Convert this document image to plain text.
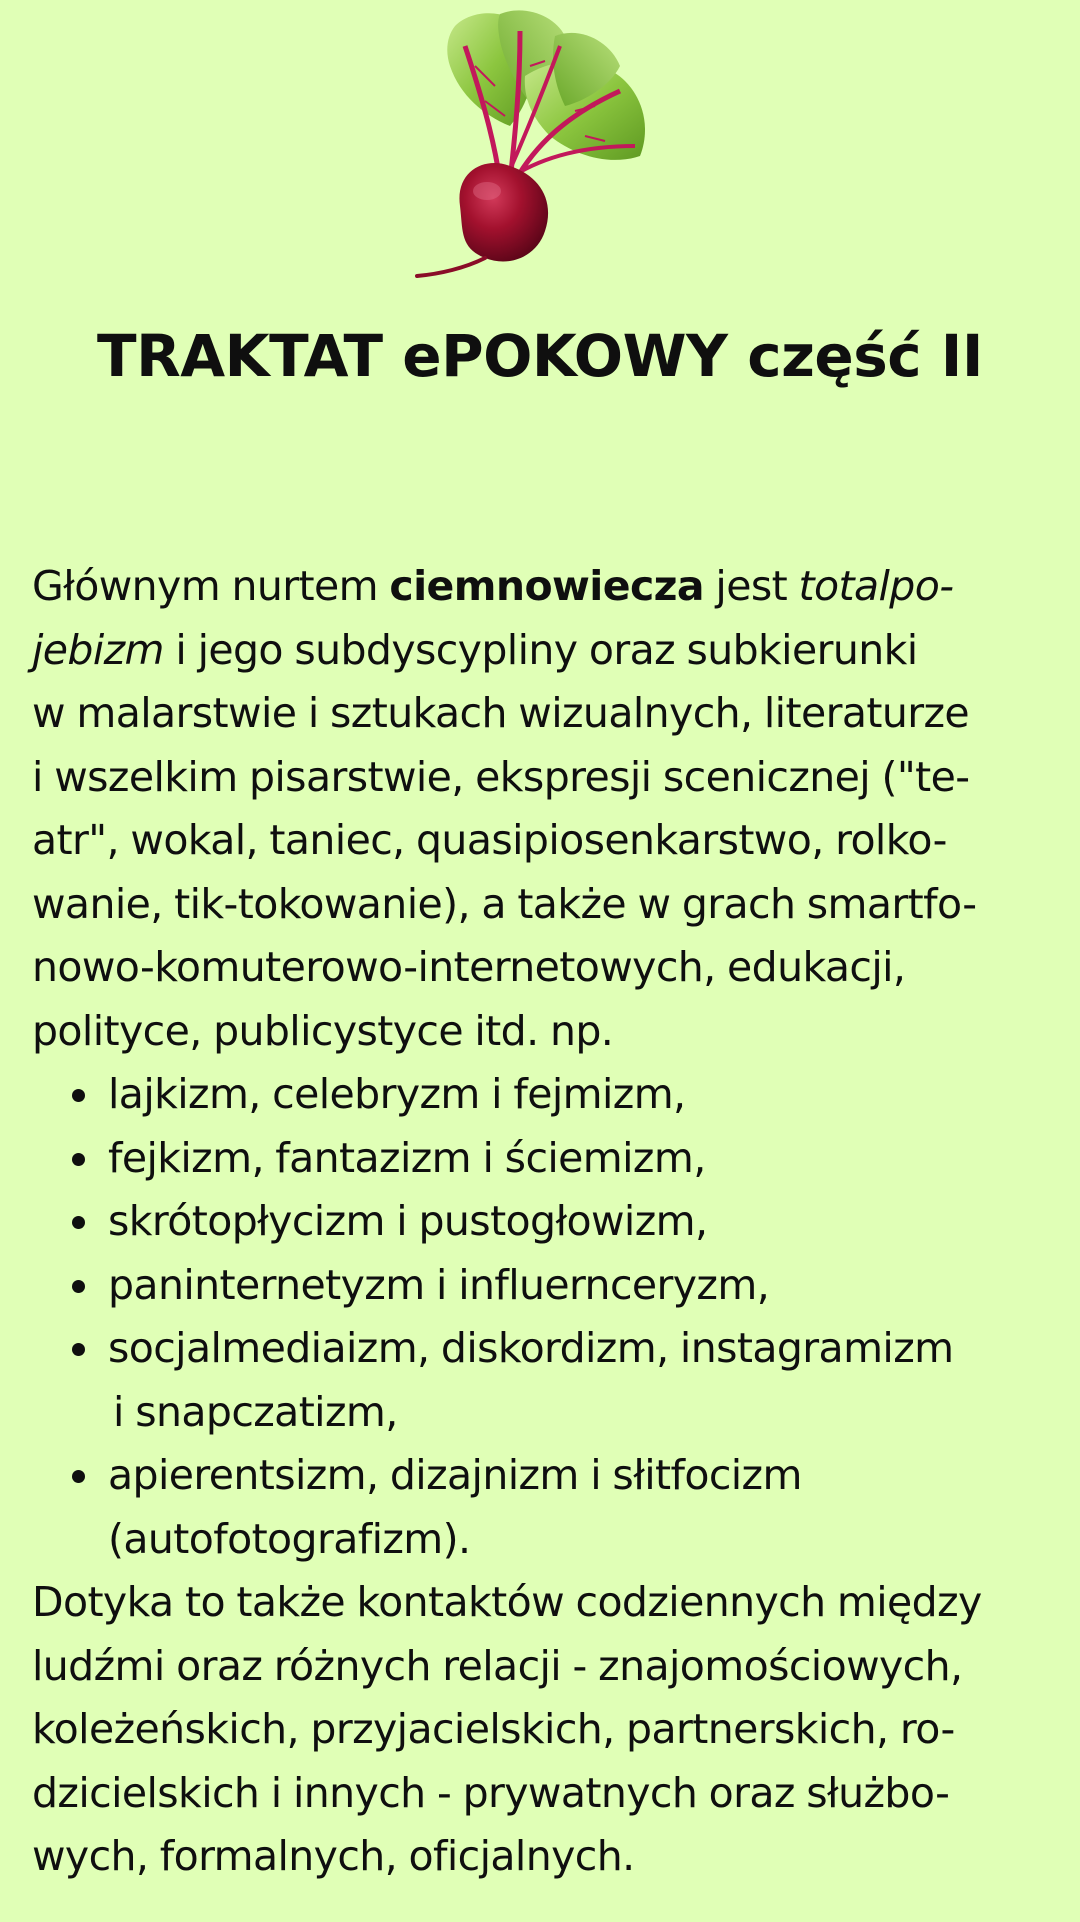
TRAKTAT ePOKOWY część II

Głównym nurtem ciemnowiecza jest totalpo-
jebizm i jego subdyscypliny oraz subkierunki
w malarstwie i sztukach wizualnych, literaturze
i wszelkim pisarstwie, ekspresji scenicznej ("te-
atr", wokal, taniec, quasipiosenkarstwo, rolko-
wanie, tik-tokowanie), a także w grach smartfo-
nowo-komuterowo-internetowych, edukacji,
polityce, publicystyce itd. np.

lajkizm, celebryzm i fejmizm,
fejkizm, fantazizm i ściemizm,
skrótopłycizm i pustogłowizm,
paninternetyzm i influernceryzm,
socjalmediaizm, diskordizm, instagramizm
i snapczatizm,
apierentsizm, dizajnizm i słitfocizm
(autofotografizm).

Dotyka to także kontaktów codziennych między
ludźmi oraz różnych relacji - znajomościowych,
koleżeńskich, przyjacielskich, partnerskich, ro-
dzicielskich i innych - prywatnych oraz służbo-
wych, formalnych, oficjalnych.
